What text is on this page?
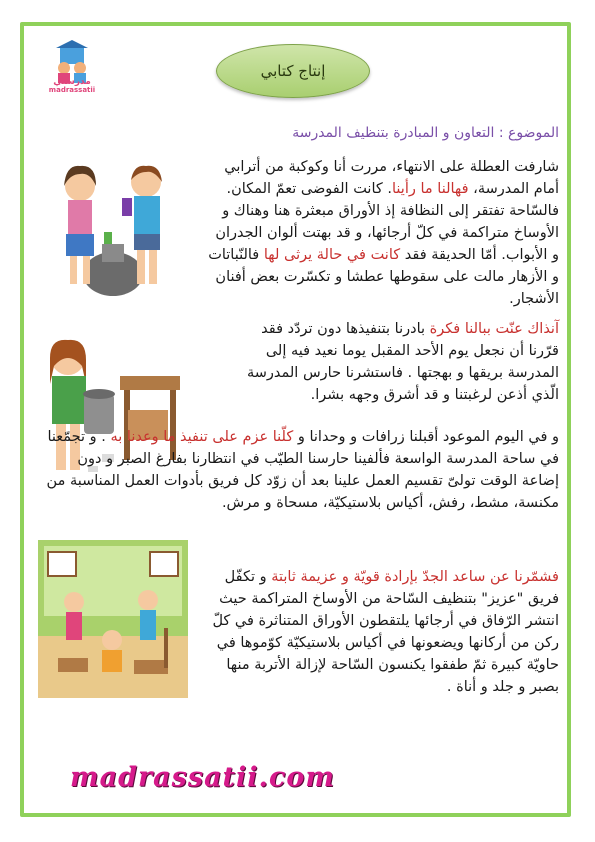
مدرستي
madrassatii
إنتاج كتابي
الموضوع : التعاون و المبادرة بتنظيف المدرسة
شارفت العطلة على الانتهاء، مررت أنا وكوكبة من أترابي أمام المدرسة، فهالنا ما رأينا. كانت الفوضى تعمّ المكان. فالسّاحة تفتقر إلى النظافة إذ الأوراق مبعثرة هنا وهناك و الأوساخ متراكمة في كلّ أرجائها، و قد بهتت ألوان الجدران و الأبواب. أمّا الحديقة فقد كانت في حالة يرثى لها فالنّباتات و الأزهار مالت على سقوطها عطشا و تكسّرت بعض أفنان الأشجار.
آنذاك عنّت ببالنا فكرة بادرنا بتنفيذها دون تردّد فقد قرّرنا أن نجعل يوم الأحد المقبل يوما نعيد فيه إلى المدرسة بريقها و بهجتها . فاستشرنا حارس المدرسة الّذي أذعن لرغبتنا و قد أشرق وجهه بشرا.
و في اليوم الموعود أقبلنا زرافات و وحدانا و كلّنا عزم على تنفيذ ما وعدنا به . و تجمّعنا في ساحة المدرسة الواسعة فألفينا حارسنا الطيّب في انتظارنا بفارغ الصبر و دون إضاعة الوقت تولىّ تقسيم العمل علينا بعد أن زوّد كل فريق بأدوات العمل المناسبة من مكنسة، مشط، رفش، أكياس بلاستيكيّة، مسحاة و مرش.
فشمّرنا عن ساعد الجدّ بإرادة قويّة و عزيمة ثابتة و تكفّل فريق "عزيز" بتنظيف السّاحة من الأوساخ المتراكمة حيث انتشر الرّفاق في أرجائها يلتقطون الأوراق المتناثرة في كلّ ركن من أركانها ويضعونها في أكياس بلاستيكيّة كوّموها في حاويّة كبيرة ثمّ طفقوا يكنسون السّاحة لإزالة الأتربة منها بصبر و جلد و أناة .
madrassatii.com
